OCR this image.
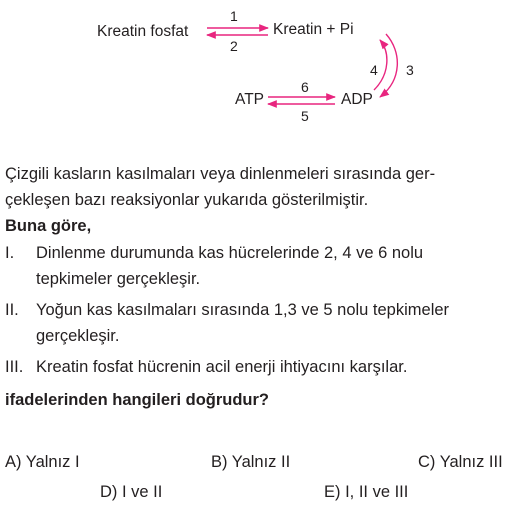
Kreatin fosfat	Kreatin + Pi
ATP	ADP
1
2
3
4
5
6
Çizgili kasların kasılmaları veya dinlenmeleri sırasında ger-
çekleşen bazı reaksiyonlar yukarıda gösterilmiştir.
Buna göre,
I. Dinlenme durumunda kas hücrelerinde 2, 4 ve 6 nolu
tepkimeler gerçekleşir.
II. Yoğun kas kasılmaları sırasında 1,3 ve 5 nolu tepkimeler
gerçekleşir.
III. Kreatin fosfat hücrenin acil enerji ihtiyacını karşılar.
ifadelerinden hangileri doğrudur?
A) Yalnız I	B) Yalnız II	C) Yalnız III
D) I ve II	E) I, II ve III
